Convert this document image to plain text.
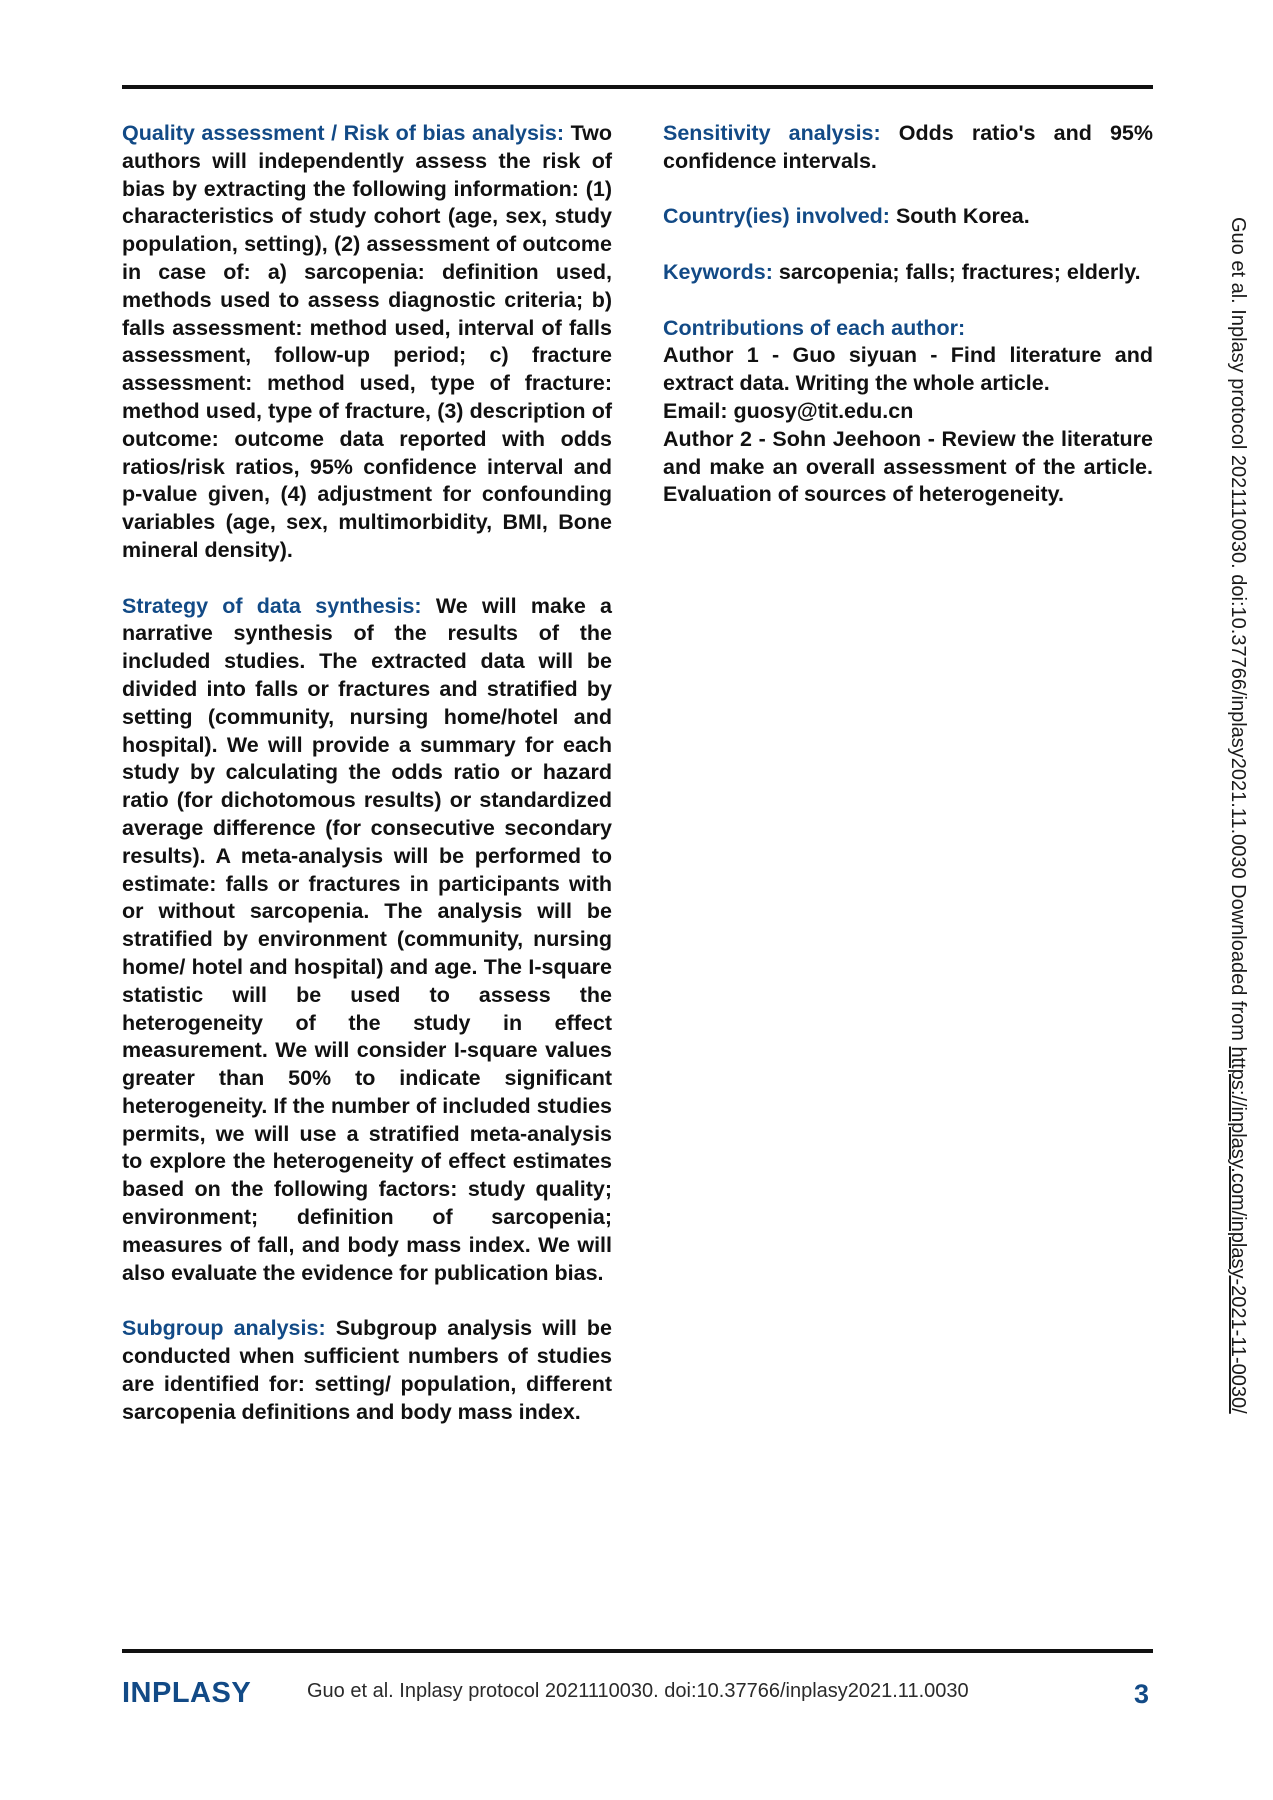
Quality assessment / Risk of bias analysis: Two authors will independently assess the risk of bias by extracting the following information: (1) characteristics of study cohort (age, sex, study population, setting), (2) assessment of outcome in case of: a) sarcopenia: definition used, methods used to assess diagnostic criteria; b) falls assessment: method used, interval of falls assessment, follow-up period; c) fracture assessment: method used, type of fracture: method used, type of fracture, (3) description of outcome: outcome data reported with odds ratios/risk ratios, 95% confidence interval and p-value given, (4) adjustment for confounding variables (age, sex, multimorbidity, BMI, Bone mineral density).

Strategy of data synthesis: We will make a narrative synthesis of the results of the included studies. The extracted data will be divided into falls or fractures and stratified by setting (community, nursing home/hotel and hospital). We will provide a summary for each study by calculating the odds ratio or hazard ratio (for dichotomous results) or standardized average difference (for consecutive secondary results). A meta-analysis will be performed to estimate: falls or fractures in participants with or without sarcopenia. The analysis will be stratified by environment (community, nursing home/ hotel and hospital) and age. The I-square statistic will be used to assess the heterogeneity of the study in effect measurement. We will consider I-square values greater than 50% to indicate significant heterogeneity. If the number of included studies permits, we will use a stratified meta-analysis to explore the heterogeneity of effect estimates based on the following factors: study quality; environment; definition of sarcopenia; measures of fall, and body mass index. We will also evaluate the evidence for publication bias.

Subgroup analysis: Subgroup analysis will be conducted when sufficient numbers of studies are identified for: setting/ population, different sarcopenia definitions and body mass index.

Sensitivity analysis: Odds ratio's and 95% confidence intervals.

Country(ies) involved: South Korea.

Keywords: sarcopenia; falls; fractures; elderly.

Contributions of each author:
Author 1 - Guo siyuan - Find literature and extract data. Writing the whole article.
Email: guosy@tit.edu.cn
Author 2 - Sohn Jeehoon - Review the literature and make an overall assessment of the article. Evaluation of sources of heterogeneity.	Guo et al. Inplasy protocol 2021110030. doi:10.37766/inplasy2021.11.0030 Downloaded from https://inplasy.com/inplasy-2021-11-0030/
INPLASY	Guo et al. Inplasy protocol 2021110030. doi:10.37766/inplasy2021.11.0030	3
